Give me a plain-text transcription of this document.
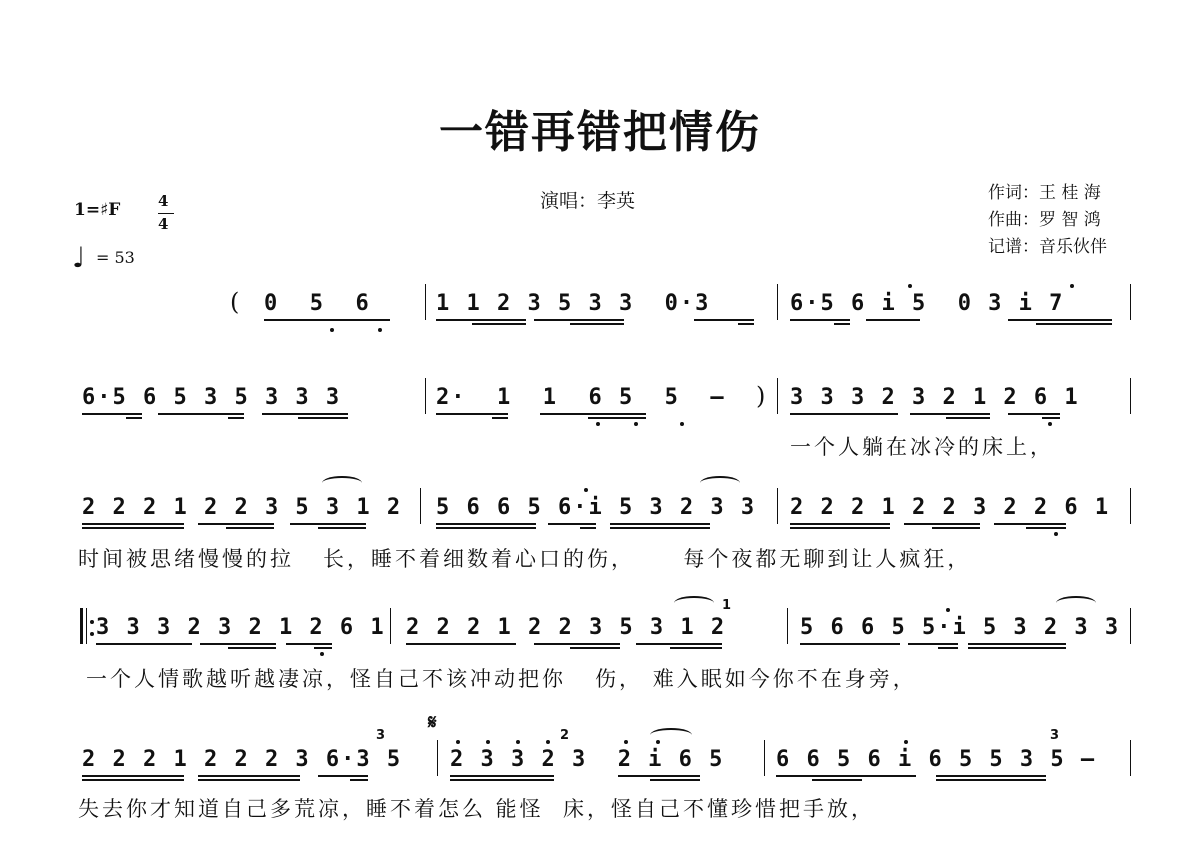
一错再错把情伤
演唱：李英	作词：王 桂 海
作曲：罗 智 鸿
记谱：音乐伙伴
1=♯F	4
4
♩ = 53
( 0  5  6	1 1 2 3 5 3 3  0·3	6·5 6 i 5  0 3 i 7
6·5 6 5 3 5 3 3 3	2·  1  1  6 5  5  – ) 3 3 3 2 3 2 1 2 6 1
一个人躺在冰冷的床上，
2 2 2 1 2 2 3 5 3 1 2 5 6 6 5 6·i 5 3 2 3 3 2 2 2 1 2 2 3 2 2 6 1
时间被思绪慢慢的拉   长，睡不着细数着心口的伤，     每个夜都无聊到让人疯狂，
3 3 3 2 3 2 1 2 6 1 2 2 2 1 2 2 3 5 3 1 2
1
5 6 6 5 5·i 5 3 2 3 3
一个人情歌越听越凄凉，怪自己不该冲动把你   伤， 难入眠如今你不在身旁，
2 2 2 1 2 2 2 3 6·3 5
3
𝄋
2 3 3 2 3  2 i 6 5
2
6 6 5 6 i 6 5 5 3 5 –
3
失去你才知道自己多荒凉，睡不着怎么 能怪  床，怪自己不懂珍惜把手放，
